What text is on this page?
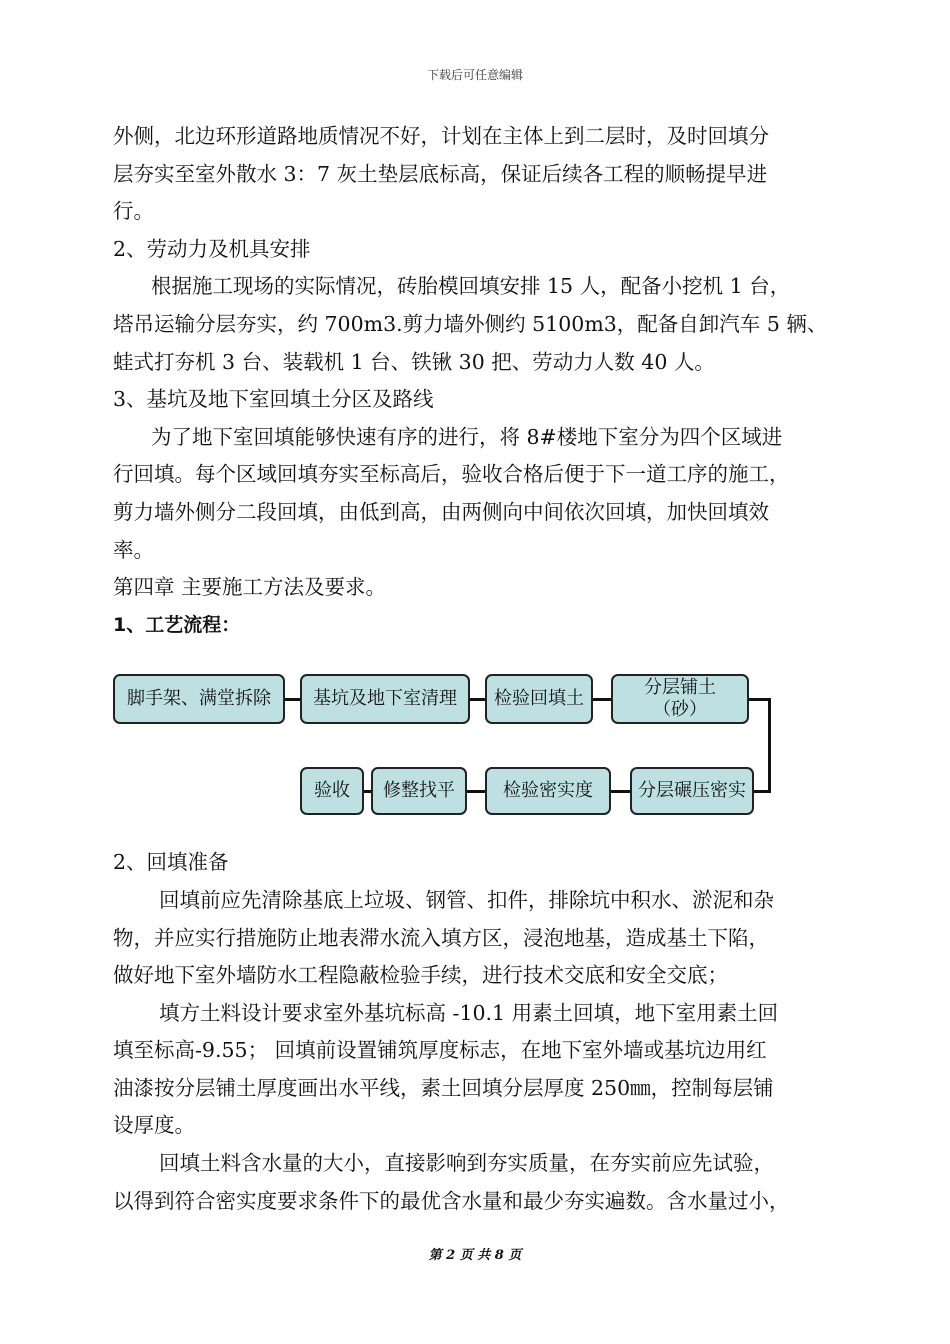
下载后可任意编辑
外侧，北边环形道路地质情况不好，计划在主体上到二层时，及时回填分
层夯实至室外散水 3：7 灰土垫层底标高，保证后续各工程的顺畅提早进
行。
2、劳动力及机具安排
根据施工现场的实际情况，砖胎模回填安排 15 人，配备小挖机 1 台，
塔吊运输分层夯实，约 700m3.剪力墙外侧约 5100m3，配备自卸汽车 5 辆、
蛙式打夯机 3 台、装载机 1 台、铁锹 30 把、劳动力人数 40 人。
3、基坑及地下室回填土分区及路线
为了地下室回填能够快速有序的进行，将 8#楼地下室分为四个区域进
行回填。每个区域回填夯实至标高后，验收合格后便于下一道工序的施工，
剪力墙外侧分二段回填，由低到高，由两侧向中间依次回填，加快回填效
率。
第四章 主要施工方法及要求。
1、工艺流程：
脚手架、满堂拆除 基坑及地下室清理 检验回填土
分层铺土
（砂）
验收 修整找平	检验密实度	分层碾压密实
2、回填准备
回填前应先清除基底上垃圾、钢管、扣件，排除坑中积水、淤泥和杂
物，并应实行措施防止地表滞水流入填方区，浸泡地基，造成基土下陷，
做好地下室外墙防水工程隐蔽检验手续，进行技术交底和安全交底；
填方土料设计要求室外基坑标高 -10.1 用素土回填，地下室用素土回
填至标高-9.55； 回填前设置铺筑厚度标志，在地下室外墙或基坑边用红
油漆按分层铺土厚度画出水平线，素土回填分层厚度 250㎜，控制每层铺
设厚度。
回填土料含水量的大小，直接影响到夯实质量，在夯实前应先试验，
以得到符合密实度要求条件下的最优含水量和最少夯实遍数。含水量过小，
第 2 页 共 8 页
